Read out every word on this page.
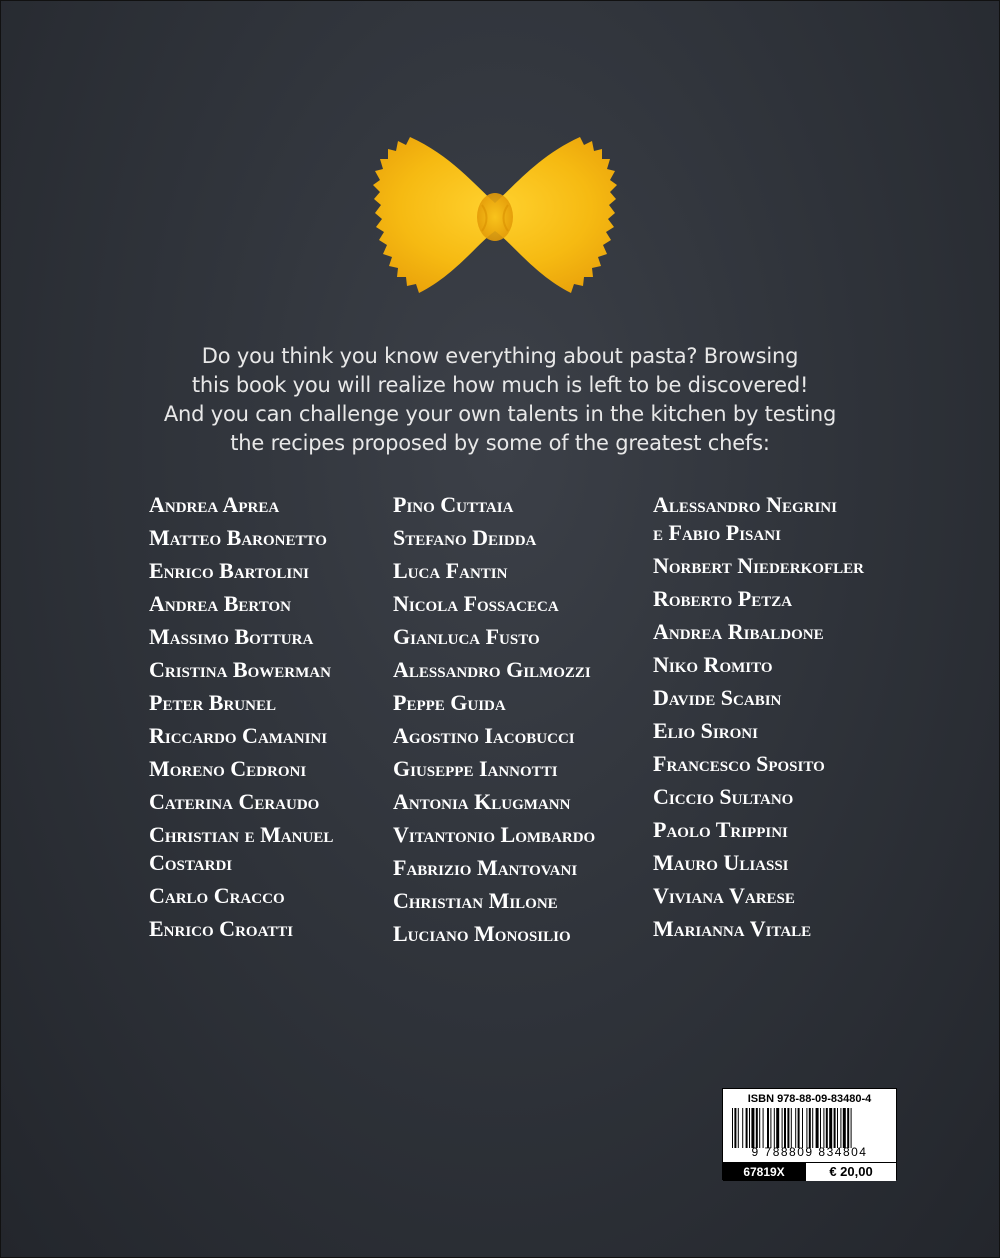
Do you think you know everything about pasta? Browsing
this book you will realize how much is left to be discovered!
And you can challenge your own talents in the kitchen by testing
the recipes proposed by some of the greatest chefs:
Andrea Aprea
Matteo Baronetto
Enrico Bartolini
Andrea Berton
Massimo Bottura
Cristina Bowerman
Peter Brunel
Riccardo Camanini
Moreno Cedroni
Caterina Ceraudo
Christian e Manuel
Costardi
Carlo Cracco
Enrico Croatti
Pino Cuttaia
Stefano Deidda
Luca Fantin
Nicola Fossaceca
Gianluca Fusto
Alessandro Gilmozzi
Peppe Guida
Agostino Iacobucci
Giuseppe Iannotti
Antonia Klugmann
Vitantonio Lombardo
Fabrizio Mantovani
Christian Milone
Luciano Monosilio
Alessandro Negrini
e Fabio Pisani
Norbert Niederkofler
Roberto Petza
Andrea Ribaldone
Niko Romito
Davide Scabin
Elio Sironi
Francesco Sposito
Ciccio Sultano
Paolo Trippini
Mauro Uliassi
Viviana Varese
Marianna Vitale
ISBN 978-88-09-83480-4
9 788809 834804
67819X	€ 20,00
